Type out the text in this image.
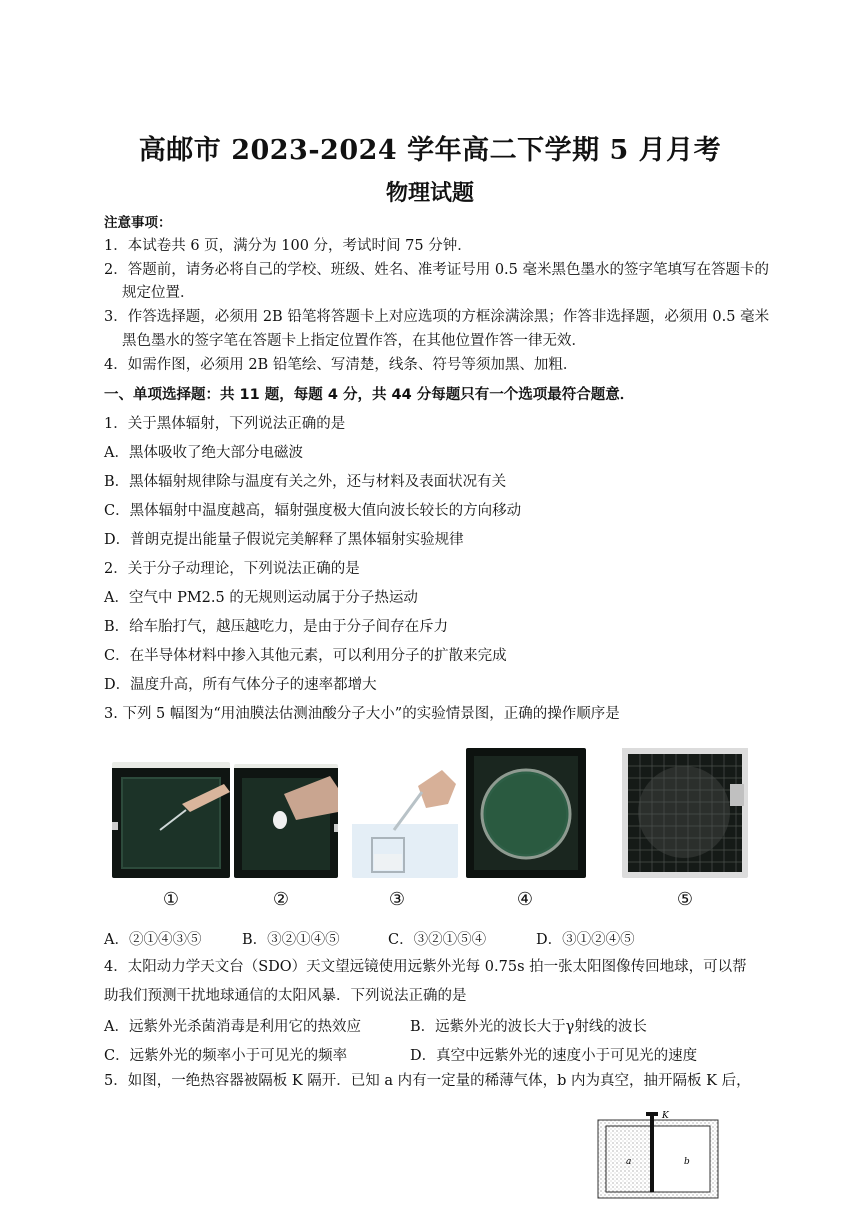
高邮市 2023-2024 学年高二下学期 5 月月考
物理试题
注意事项：
1．本试卷共 6 页，满分为 100 分，考试时间 75 分钟．
2．答题前，请务必将自己的学校、班级、姓名、准考证号用 0.5 毫米黑色墨水的签字笔填写在答题卡的
规定位置．
3．作答选择题，必须用 2B 铅笔将答题卡上对应选项的方框涂满涂黑；作答非选择题，必须用 0.5 毫米
黑色墨水的签字笔在答题卡上指定位置作答，在其他位置作答一律无效．
4．如需作图，必须用 2B 铅笔绘、写清楚，线条、符号等须加黑、加粗．
一、单项选择题：共 11 题，每题 4 分，共 44 分每题只有一个选项最符合题意．
1．关于黑体辐射，下列说法正确的是
A．黑体吸收了绝大部分电磁波
B．黑体辐射规律除与温度有关之外，还与材料及表面状况有关
C．黑体辐射中温度越高，辐射强度极大值向波长较长的方向移动
D．普朗克提出能量子假说完美解释了黑体辐射实验规律
2．关于分子动理论，下列说法正确的是
A．空气中 PM2.5 的无规则运动属于分子热运动
B．给车胎打气，越压越吃力，是由于分子间存在斥力
C．在半导体材料中掺入其他元素，可以利用分子的扩散来完成
D．温度升高，所有气体分子的速率都增大
3. 下列 5 幅图为“用油膜法估测油酸分子大小”的实验情景图，正确的操作顺序是
①	②	③	④	⑤
A．②①④③⑤	B．③②①④⑤	C．③②①⑤④	D．③①②④⑤
4．太阳动力学天文台（SDO）天文望远镜使用远紫外光每 0.75s 拍一张太阳图像传回地球，可以帮
助我们预测干扰地球通信的太阳风暴．下列说法正确的是
A．远紫外光杀菌消毒是利用它的热效应	B．远紫外光的波长大于γ射线的波长
C．远紫外光的频率小于可见光的频率	D．真空中远紫外光的速度小于可见光的速度
5．如图，一绝热容器被隔板 K 隔开．已知 a 内有一定量的稀薄气体，b 内为真空，抽开隔板 K 后，
K
a	b
